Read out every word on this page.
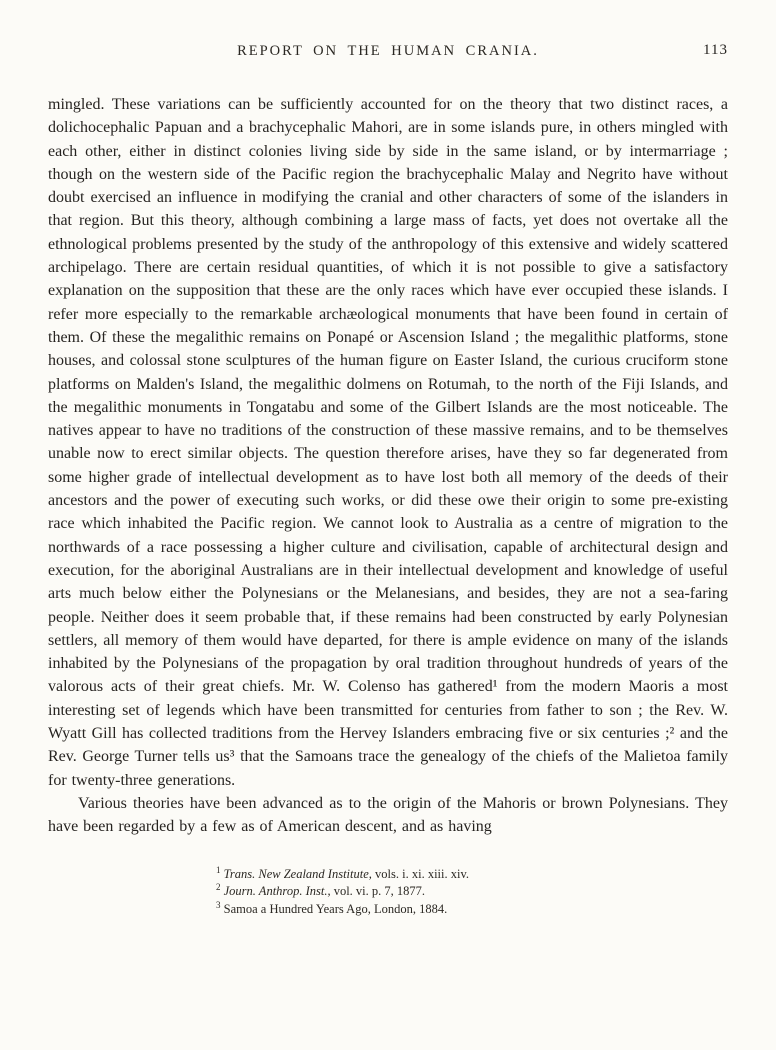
REPORT ON THE HUMAN CRANIA.	113

mingled. These variations can be sufficiently accounted for on the theory that two distinct races, a dolichocephalic Papuan and a brachycephalic Mahori, are in some islands pure, in others mingled with each other, either in distinct colonies living side by side in the same island, or by intermarriage ; though on the western side of the Pacific region the brachycephalic Malay and Negrito have without doubt exercised an influence in modifying the cranial and other characters of some of the islanders in that region. But this theory, although combining a large mass of facts, yet does not overtake all the ethnological problems presented by the study of the anthropology of this extensive and widely scattered archipelago. There are certain residual quantities, of which it is not possible to give a satisfactory explanation on the supposition that these are the only races which have ever occupied these islands. I refer more especially to the remarkable archæological monuments that have been found in certain of them. Of these the megalithic remains on Ponapé or Ascension Island ; the megalithic platforms, stone houses, and colossal stone sculptures of the human figure on Easter Island, the curious cruciform stone platforms on Malden's Island, the megalithic dolmens on Rotumah, to the north of the Fiji Islands, and the megalithic monuments in Tongatabu and some of the Gilbert Islands are the most noticeable. The natives appear to have no traditions of the construction of these massive remains, and to be themselves unable now to erect similar objects. The question therefore arises, have they so far degenerated from some higher grade of intellectual development as to have lost both all memory of the deeds of their ancestors and the power of executing such works, or did these owe their origin to some pre-existing race which inhabited the Pacific region. We cannot look to Australia as a centre of migration to the northwards of a race possessing a higher culture and civilisation, capable of architectural design and execution, for the aboriginal Australians are in their intellectual development and knowledge of useful arts much below either the Polynesians or the Melanesians, and besides, they are not a sea-faring people. Neither does it seem probable that, if these remains had been constructed by early Polynesian settlers, all memory of them would have departed, for there is ample evidence on many of the islands inhabited by the Polynesians of the propagation by oral tradition throughout hundreds of years of the valorous acts of their great chiefs. Mr. W. Colenso has gathered¹ from the modern Maoris a most interesting set of legends which have been transmitted for centuries from father to son ; the Rev. W. Wyatt Gill has collected traditions from the Hervey Islanders embracing five or six centuries ;² and the Rev. George Turner tells us³ that the Samoans trace the genealogy of the chiefs of the Malietoa family for twenty-three generations.

Various theories have been advanced as to the origin of the Mahoris or brown Polynesians. They have been regarded by a few as of American descent, and as having

$^1$ Trans. New Zealand Institute, vols. i. xi. xiii. xiv.
$^2$ Journ. Anthrop. Inst., vol. vi. p. 7, 1877.
$^3$ Samoa a Hundred Years Ago, London, 1884.
